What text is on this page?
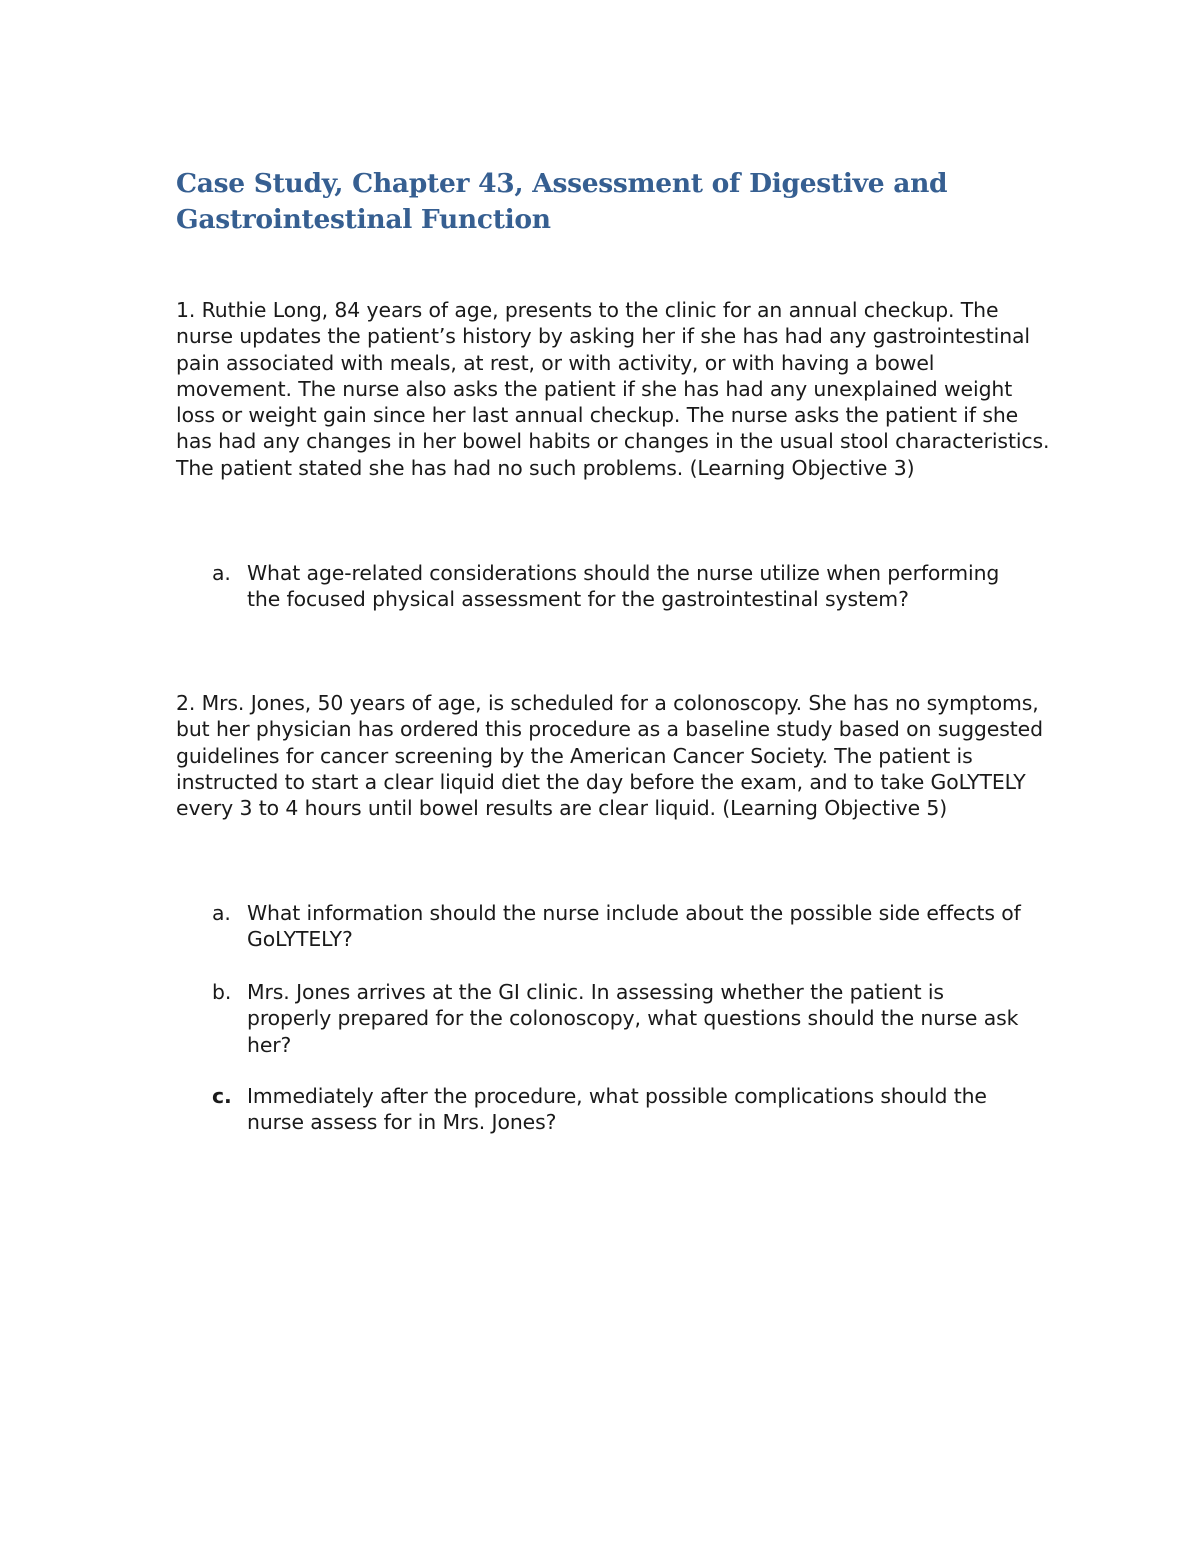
Case Study, Chapter 43, Assessment of Digestive and Gastrointestinal Function

1. Ruthie Long, 84 years of age, presents to the clinic for an annual checkup. The nurse updates the patient’s history by asking her if she has had any gastrointestinal pain associated with meals, at rest, or with activity, or with having a bowel movement. The nurse also asks the patient if she has had any unexplained weight loss or weight gain since her last annual checkup. The nurse asks the patient if she has had any changes in her bowel habits or changes in the usual stool characteristics. The patient stated she has had no such problems. (Learning Objective 3)

a. What age-related considerations should the nurse utilize when performing the focused physical assessment for the gastrointestinal system?

2. Mrs. Jones, 50 years of age, is scheduled for a colonoscopy. She has no symptoms, but her physician has ordered this procedure as a baseline study based on suggested guidelines for cancer screening by the American Cancer Society. The patient is instructed to start a clear liquid diet the day before the exam, and to take GoLYTELY every 3 to 4 hours until bowel results are clear liquid. (Learning Objective 5)

a. What information should the nurse include about the possible side effects of GoLYTELY?
b. Mrs. Jones arrives at the GI clinic. In assessing whether the patient is properly prepared for the colonoscopy, what questions should the nurse ask her?
c. Immediately after the procedure, what possible complications should the nurse assess for in Mrs. Jones?
